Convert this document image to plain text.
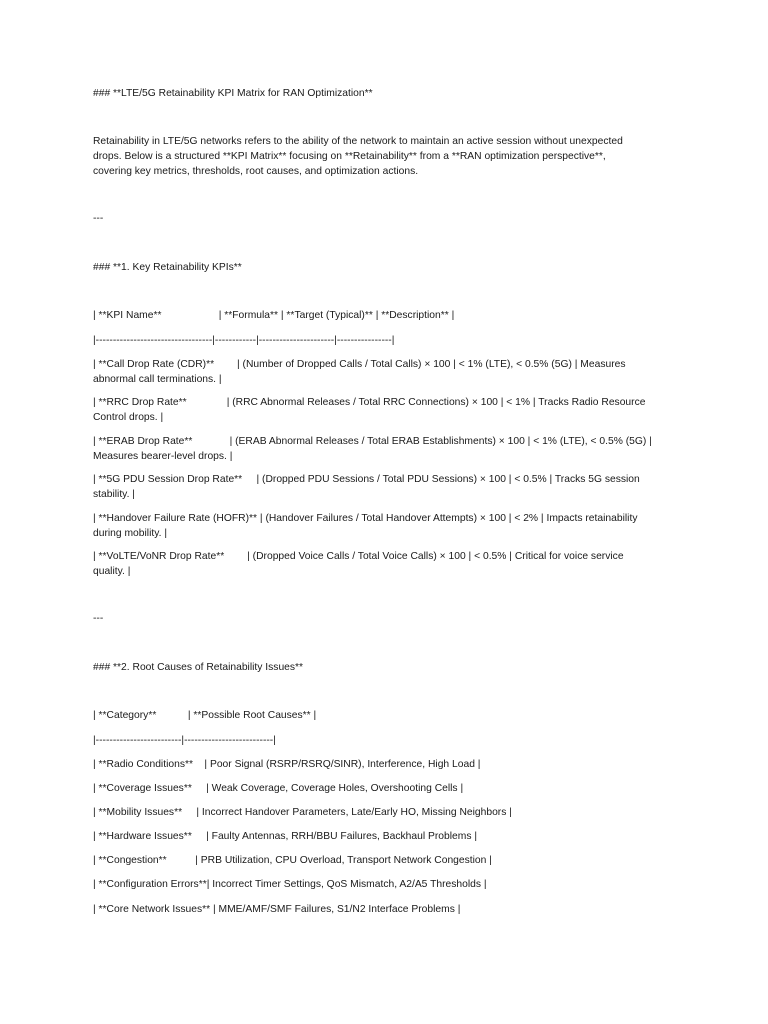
### **LTE/5G Retainability KPI Matrix for RAN Optimization**
Retainability in LTE/5G networks refers to the ability of the network to maintain an active session without unexpected
drops. Below is a structured **KPI Matrix** focusing on **Retainability** from a **RAN optimization perspective**,
covering key metrics, thresholds, root causes, and optimization actions.
---
### **1. Key Retainability KPIs**
| **KPI Name**                    | **Formula** | **Target (Typical)** | **Description** |
|----------------------------------|------------|----------------------|----------------|
| **Call Drop Rate (CDR)**        | (Number of Dropped Calls / Total Calls) × 100 | < 1% (LTE), < 0.5% (5G) | Measures
abnormal call terminations. |
| **RRC Drop Rate**              | (RRC Abnormal Releases / Total RRC Connections) × 100 | < 1% | Tracks Radio Resource
Control drops. |
| **ERAB Drop Rate**             | (ERAB Abnormal Releases / Total ERAB Establishments) × 100 | < 1% (LTE), < 0.5% (5G) |
Measures bearer-level drops. |
| **5G PDU Session Drop Rate**     | (Dropped PDU Sessions / Total PDU Sessions) × 100 | < 0.5% | Tracks 5G session
stability. |
| **Handover Failure Rate (HOFR)** | (Handover Failures / Total Handover Attempts) × 100 | < 2% | Impacts retainability
during mobility. |
| **VoLTE/VoNR Drop Rate**        | (Dropped Voice Calls / Total Voice Calls) × 100 | < 0.5% | Critical for voice service
quality. |
---
### **2. Root Causes of Retainability Issues**
| **Category**           | **Possible Root Causes** |
|-------------------------|--------------------------|
| **Radio Conditions**    | Poor Signal (RSRP/RSRQ/SINR), Interference, High Load |
| **Coverage Issues**     | Weak Coverage, Coverage Holes, Overshooting Cells |
| **Mobility Issues**     | Incorrect Handover Parameters, Late/Early HO, Missing Neighbors |
| **Hardware Issues**     | Faulty Antennas, RRH/BBU Failures, Backhaul Problems |
| **Congestion**          | PRB Utilization, CPU Overload, Transport Network Congestion |
| **Configuration Errors**| Incorrect Timer Settings, QoS Mismatch, A2/A5 Thresholds |
| **Core Network Issues** | MME/AMF/SMF Failures, S1/N2 Interface Problems |
